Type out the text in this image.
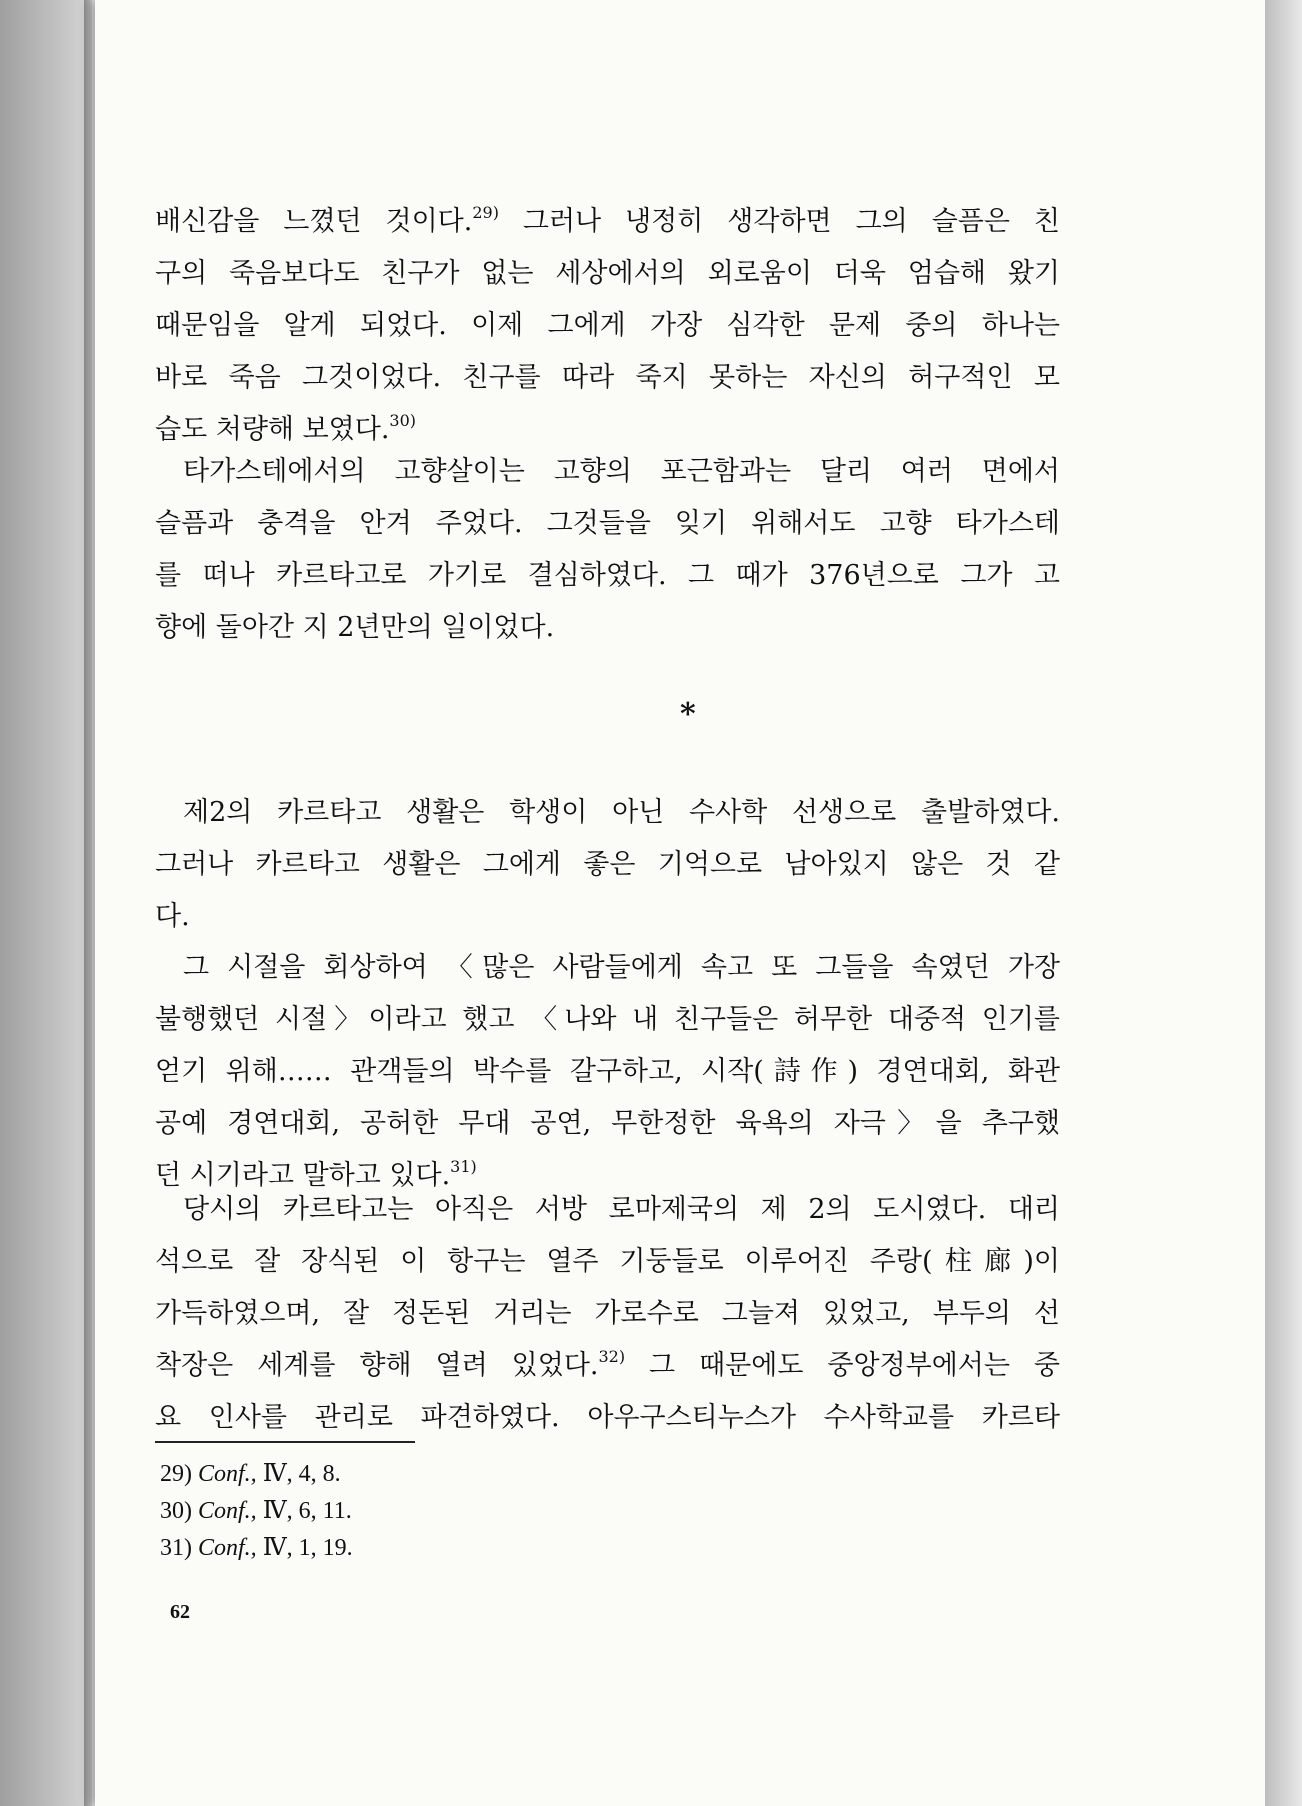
배신감을 느꼈던 것이다.$^{29)}$ 그러나 냉정히 생각하면 그의 슬픔은 친
구의 죽음보다도 친구가 없는 세상에서의 외로움이 더욱 엄습해 왔기
때문임을 알게 되었다. 이제 그에게 가장 심각한 문제 중의 하나는
바로 죽음 그것이었다. 친구를 따라 죽지 못하는 자신의 허구적인 모
습도 처량해 보였다.$^{30)}$
타가스테에서의 고향살이는 고향의 포근함과는 달리 여러 면에서
슬픔과 충격을 안겨 주었다. 그것들을 잊기 위해서도 고향 타가스테
를 떠나 카르타고로 가기로 결심하였다. 그 때가 376년으로 그가 고
향에 돌아간 지 2년만의 일이었다.
*
제2의 카르타고 생활은 학생이 아닌 수사학 선생으로 출발하였다.
그러나 카르타고 생활은 그에게 좋은 기억으로 남아있지 않은 것 같
다.
그 시절을 회상하여 〈많은 사람들에게 속고 또 그들을 속였던 가장
불행했던 시절〉이라고 했고 〈나와 내 친구들은 허무한 대중적 인기를
얻기 위해…… 관객들의 박수를 갈구하고, 시작(詩作) 경연대회, 화관
공예 경연대회, 공허한 무대 공연, 무한정한 육욕의 자극〉을 추구했
던 시기라고 말하고 있다.$^{31)}$
당시의 카르타고는 아직은 서방 로마제국의 제 2의 도시였다. 대리
석으로 잘 장식된 이 항구는 열주 기둥들로 이루어진 주랑(柱廊)이
가득하였으며, 잘 정돈된 거리는 가로수로 그늘져 있었고, 부두의 선
착장은 세계를 향해 열려 있었다.$^{32)}$ 그 때문에도 중앙정부에서는 중
요 인사를 관리로 파견하였다. 아우구스티누스가 수사학교를 카르타
29) Conf., Ⅳ, 4, 8.
30) Conf., Ⅳ, 6, 11.
31) Conf., Ⅳ, 1, 19.
62
